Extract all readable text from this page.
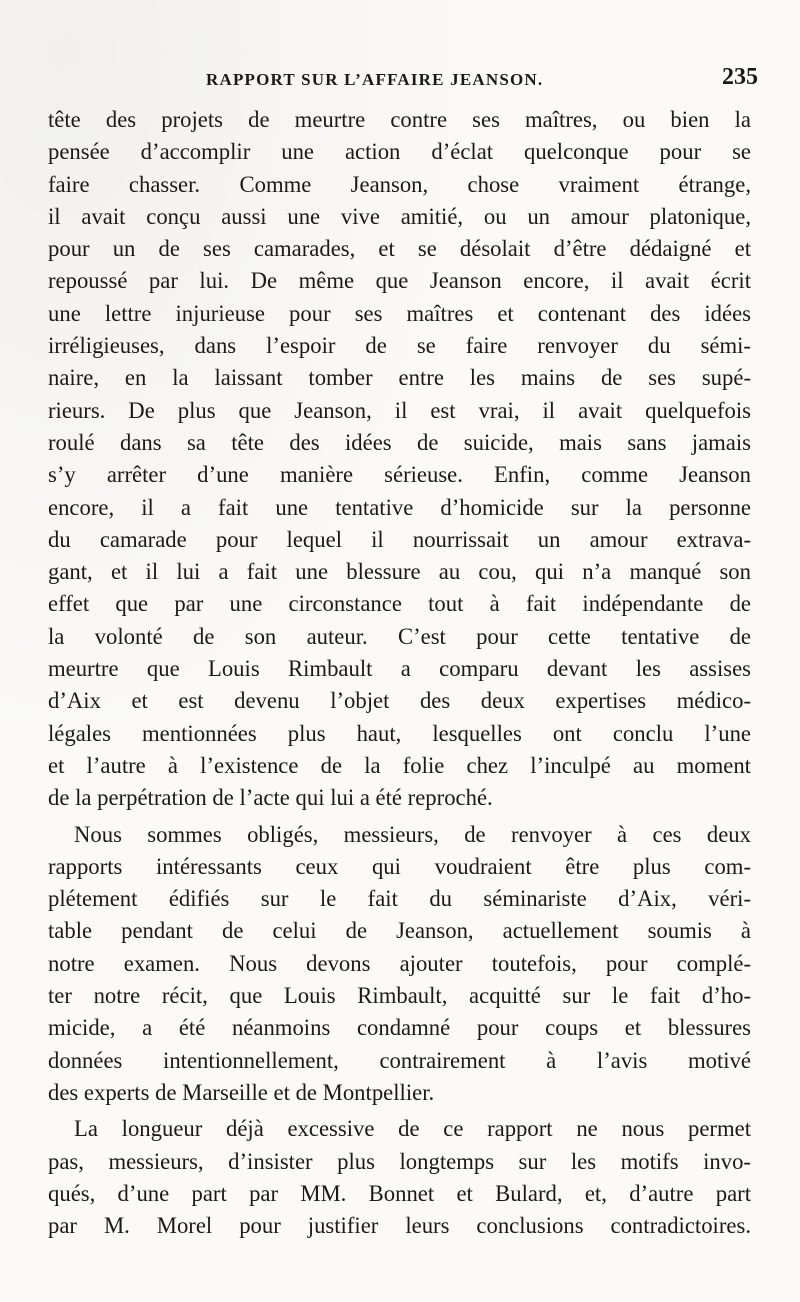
RAPPORT SUR L’AFFAIRE JEANSON.	235
tête des projets de meurtre contre ses maîtres, ou bien la
pensée d’accomplir une action d’éclat quelconque pour se
faire chasser. Comme Jeanson, chose vraiment étrange,
il avait conçu aussi une vive amitié, ou un amour platonique,
pour un de ses camarades, et se désolait d’être dédaigné et
repoussé par lui. De même que Jeanson encore, il avait écrit
une lettre injurieuse pour ses maîtres et contenant des idées
irréligieuses, dans l’espoir de se faire renvoyer du sémi-
naire, en la laissant tomber entre les mains de ses supé-
rieurs. De plus que Jeanson, il est vrai, il avait quelquefois
roulé dans sa tête des idées de suicide, mais sans jamais
s’y arrêter d’une manière sérieuse. Enfin, comme Jeanson
encore, il a fait une tentative d’homicide sur la personne
du camarade pour lequel il nourrissait un amour extrava-
gant, et il lui a fait une blessure au cou, qui n’a manqué son
effet que par une circonstance tout à fait indépendante de
la volonté de son auteur. C’est pour cette tentative de
meurtre que Louis Rimbault a comparu devant les assises
d’Aix et est devenu l’objet des deux expertises médico-
légales mentionnées plus haut, lesquelles ont conclu l’une
et l’autre à l’existence de la folie chez l’inculpé au moment
de la perpétration de l’acte qui lui a été reproché.
Nous sommes obligés, messieurs, de renvoyer à ces deux
rapports intéressants ceux qui voudraient être plus com-
plétement édifiés sur le fait du séminariste d’Aix, véri-
table pendant de celui de Jeanson, actuellement soumis à
notre examen. Nous devons ajouter toutefois, pour complé-
ter notre récit, que Louis Rimbault, acquitté sur le fait d’ho-
micide, a été néanmoins condamné pour coups et blessures
données intentionnellement, contrairement à l’avis motivé
des experts de Marseille et de Montpellier.
La longueur déjà excessive de ce rapport ne nous permet
pas, messieurs, d’insister plus longtemps sur les motifs invo-
qués, d’une part par MM. Bonnet et Bulard, et, d’autre part
par M. Morel pour justifier leurs conclusions contradictoires.
